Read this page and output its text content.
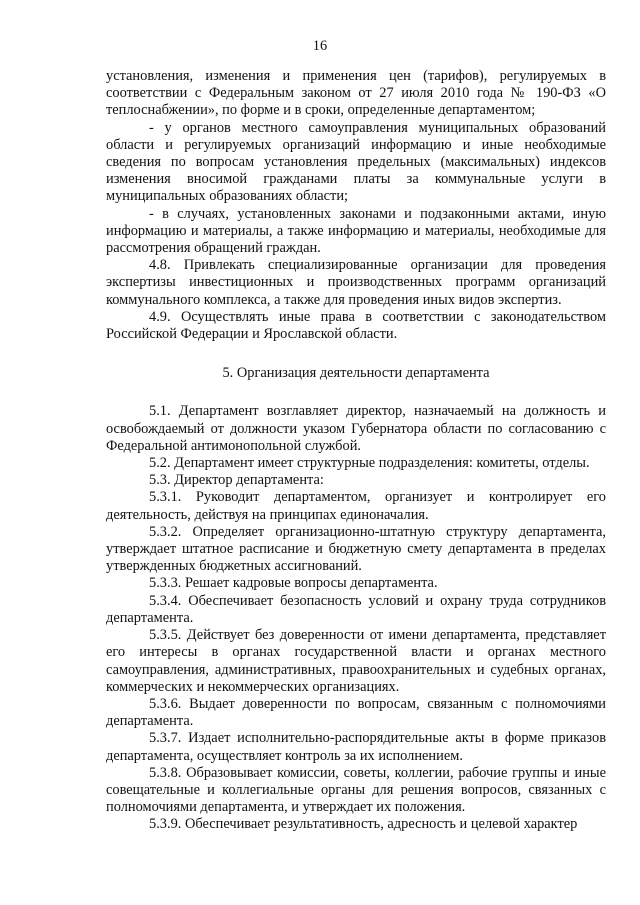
16

установления, изменения и применения цен (тарифов), регулируемых в соответствии с Федеральным законом от 27 июля 2010 года № 190-ФЗ «О теплоснабжении», по форме и в сроки, определенные департаментом;

- у органов местного самоуправления муниципальных образований области и регулируемых организаций информацию и иные необходимые сведения по вопросам установления предельных (максимальных) индексов изменения вносимой гражданами платы за коммунальные услуги в муниципальных образованиях области;

- в случаях, установленных законами и подзаконными актами, иную информацию и материалы, а также информацию и материалы, необходимые для рассмотрения обращений граждан.

4.8. Привлекать специализированные организации для проведения экспертизы инвестиционных и производственных программ организаций коммунального комплекса, а также для проведения иных видов экспертиз.

4.9. Осуществлять иные права в соответствии с законодательством Российской Федерации и Ярославской области.

5. Организация деятельности департамента

5.1. Департамент возглавляет директор, назначаемый на должность и освобождаемый от должности указом Губернатора области по согласованию с Федеральной антимонопольной службой.

5.2. Департамент имеет структурные подразделения: комитеты, отделы.

5.3. Директор департамента:

5.3.1. Руководит департаментом, организует и контролирует его деятельность, действуя на принципах единоначалия.

5.3.2. Определяет организационно-штатную структуру департамента, утверждает штатное расписание и бюджетную смету департамента в пределах утвержденных бюджетных ассигнований.

5.3.3. Решает кадровые вопросы департамента.

5.3.4. Обеспечивает безопасность условий и охрану труда сотрудников департамента.

5.3.5. Действует без доверенности от имени департамента, представляет его интересы в органах государственной власти и органах местного самоуправления, административных, правоохранительных и судебных органах, коммерческих и некоммерческих организациях.

5.3.6. Выдает доверенности по вопросам, связанным с полномочиями департамента.

5.3.7. Издает исполнительно-распорядительные акты в форме приказов департамента, осуществляет контроль за их исполнением.

5.3.8. Образовывает комиссии, советы, коллегии, рабочие группы и иные совещательные и коллегиальные органы для решения вопросов, связанных с полномочиями департамента, и утверждает их положения.

5.3.9. Обеспечивает результативность, адресность и целевой характер
